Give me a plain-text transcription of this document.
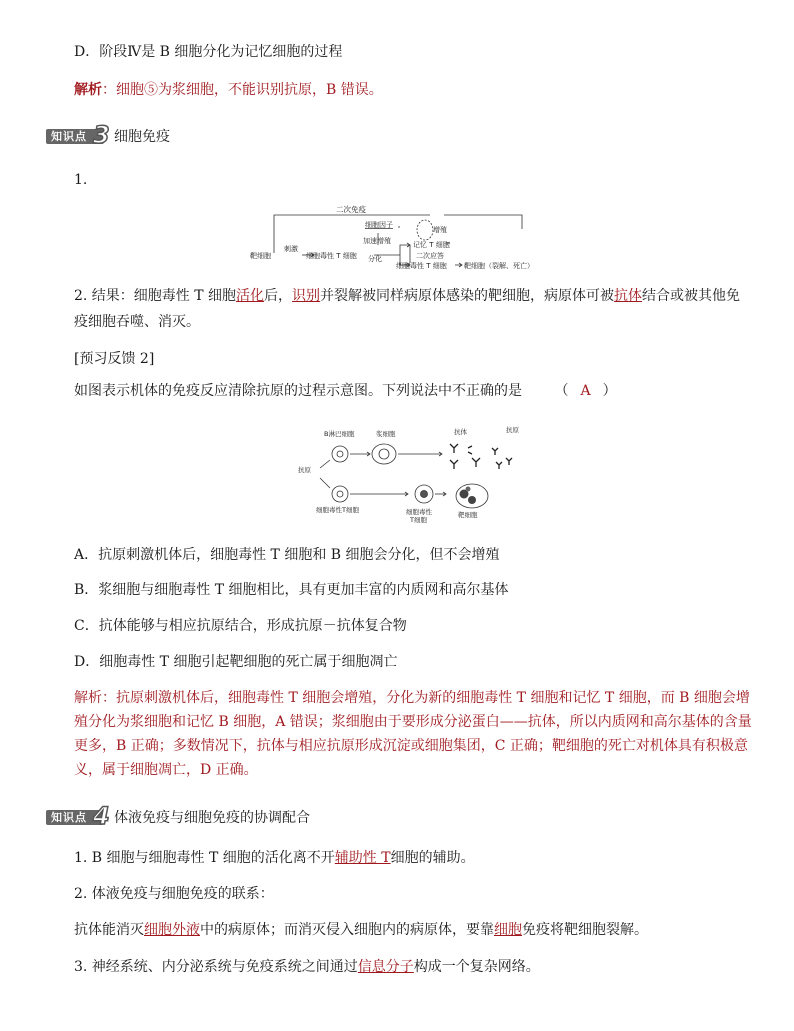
D．阶段Ⅳ是 B 细胞分化为记忆细胞的过程
解析：细胞⑤为浆细胞，不能识别抗原，B 错误。
知识点 3 细胞免疫
1.
二次免疫
细胞因子
增殖
靶细胞
刺激
细胞毒性 T 细胞
加速增殖
分化
记忆 T 细胞
二次应答
细胞毒性 T 细胞 靶细胞（裂解、死亡）
2. 结果：细胞毒性 T 细胞活化后，识别并裂解被同样病原体感染的靶细胞，病原体可被抗体结合或被其他免
疫细胞吞噬、消灭。
[预习反馈 2]
如图表示机体的免疫反应清除抗原的过程示意图。下列说法中不正确的是 （ A ）
B淋巴细胞	浆细胞	抗体	抗原
抗原
细胞毒性T细胞	细胞毒性
T细胞
靶细胞
A．抗原刺激机体后，细胞毒性 T 细胞和 B 细胞会分化，但不会增殖
B．浆细胞与细胞毒性 T 细胞相比，具有更加丰富的内质网和高尔基体
C．抗体能够与相应抗原结合，形成抗原－抗体复合物
D．细胞毒性 T 细胞引起靶细胞的死亡属于细胞凋亡
解析：抗原刺激机体后，细胞毒性 T 细胞会增殖，分化为新的细胞毒性 T 细胞和记忆 T 细胞，而 B 细胞会增殖分化为浆细胞和记忆 B 细胞，A 错误；浆细胞由于要形成分泌蛋白——抗体，所以内质网和高尔基体的含量更多，B 正确；多数情况下，抗体与相应抗原形成沉淀或细胞集团，C 正确；靶细胞的死亡对机体具有积极意义，属于细胞凋亡，D 正确。
知识点 4 体液免疫与细胞免疫的协调配合
1. B 细胞与细胞毒性 T 细胞的活化离不开辅助性 T细胞的辅助。
2. 体液免疫与细胞免疫的联系：
抗体能消灭细胞外液中的病原体；而消灭侵入细胞内的病原体，要靠细胞免疫将靶细胞裂解。
3. 神经系统、内分泌系统与免疫系统之间通过信息分子构成一个复杂网络。
